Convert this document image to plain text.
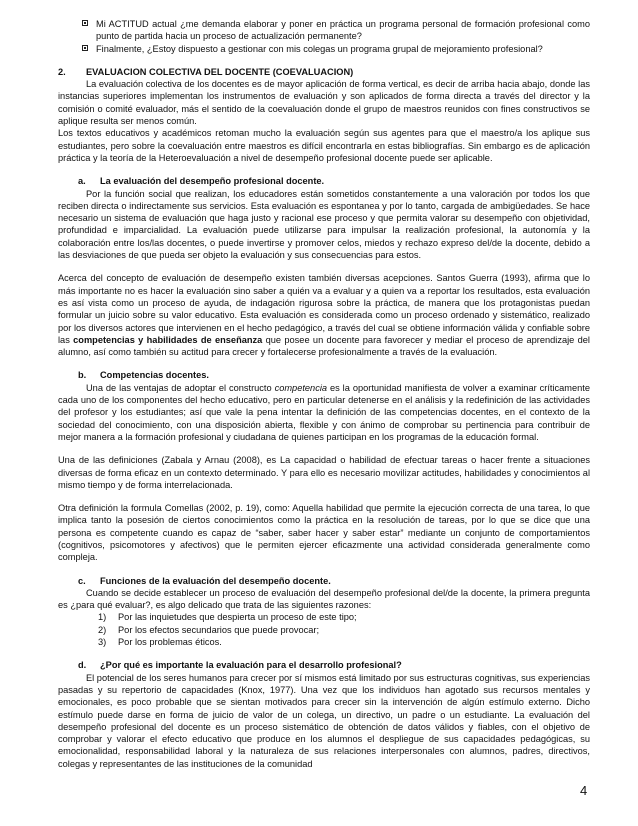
Mi ACTITUD actual ¿me demanda elaborar y poner en práctica un programa personal de formación profesional como punto de partida hacia un proceso de actualización permanente?

Finalmente, ¿Estoy dispuesto a gestionar con mis colegas un programa grupal de mejoramiento profesional?

2. EVALUACION COLECTIVA DEL DOCENTE (COEVALUACION)

La evaluación colectiva de los docentes es de mayor aplicación de forma vertical, es decir de arriba hacia abajo, donde las instancias superiores implementan los instrumentos de evaluación y son aplicados de forma directa a través del director y la comisión o comité evaluador, más el sentido de la coevaluación donde el grupo de maestros reunidos con fines constructivos se aplique resulta ser menos común.

Los textos educativos y académicos retoman mucho la evaluación según sus agentes para que el maestro/a los aplique sus estudiantes, pero sobre la coevaluación entre maestros es difícil encontrarla en estas bibliografías. Sin embargo es de aplicación práctica y la teoría de la Heteroevaluación a nivel de desempeño profesional docente puede ser aplicable.

a. La evaluación del desempeño profesional docente.

Por la función social que realizan, los educadores están sometidos constantemente a una valoración por todos los que reciben directa o indirectamente sus servicios. Esta evaluación es espontanea y por lo tanto, cargada de ambigüedades. Se hace necesario un sistema de evaluación que haga justo y racional ese proceso y que permita valorar su desempeño con objetividad, profundidad e imparcialidad. La evaluación puede utilizarse para impulsar la realización profesional, la autonomía y la colaboración entre los/las docentes, o puede invertirse y promover celos, miedos y rechazo expreso del/de la docente, debido a las desviaciones de que pueda ser objeto la evaluación y sus consecuencias para estos.

Acerca del concepto de evaluación de desempeño existen también diversas acepciones. Santos Guerra (1993), afirma que lo más importante no es hacer la evaluación sino saber a quién va a evaluar y a quien va a reportar los resultados, esta evaluación es así vista como un proceso de ayuda, de indagación rigurosa sobre la práctica, de manera que los protagonistas puedan formular un juicio sobre su valor educativo. Esta evaluación es considerada como un proceso ordenado y sistemático, realizado por los diversos actores que intervienen en el hecho pedagógico, a través del cual se obtiene información válida y confiable sobre las competencias y habilidades de enseñanza que posee un docente para favorecer y mediar el proceso de aprendizaje del alumno, así como también su actitud para crecer y fortalecerse profesionalmente a través de la evaluación.

b. Competencias docentes.

Una de las ventajas de adoptar el constructo competencia es la oportunidad manifiesta de volver a examinar críticamente cada uno de los componentes del hecho educativo, pero en particular detenerse en el análisis y la redefinición de las actividades del profesor y los estudiantes; así que vale la pena intentar la definición de las competencias docentes, en el contexto de la sociedad del conocimiento, con una disposición abierta, flexible y con ánimo de comprobar su pertinencia para contribuir de mejor manera a la formación profesional y ciudadana de quienes participan en los programas de la educación formal.

Una de las definiciones (Zabala y Arnau (2008), es La capacidad o habilidad de efectuar tareas o hacer frente a situaciones diversas de forma eficaz en un contexto determinado. Y para ello es necesario movilizar actitudes, habilidades y conocimientos al mismo tiempo y de forma interrelacionada.

Otra definición la formula Comellas (2002, p. 19), como: Aquella habilidad que permite la ejecución correcta de una tarea, lo que implica tanto la posesión de ciertos conocimientos como la práctica en la resolución de tareas, por lo que se dice que una persona es competente cuando es capaz de “saber, saber hacer y saber estar” mediante un conjunto de comportamientos (cognitivos, psicomotores y afectivos) que le permiten ejercer eficazmente una actividad considerada generalmente como compleja.

c. Funciones de la evaluación del desempeño docente.

Cuando se decide establecer un proceso de evaluación del desempeño profesional del/de la docente, la primera pregunta es ¿para qué evaluar?, es algo delicado que trata de las siguientes razones:

1) Por las inquietudes que despierta un proceso de este tipo;

2) Por los efectos secundarios que puede provocar;

3) Por los problemas éticos.

d. ¿Por qué es importante la evaluación para el desarrollo profesional?

El potencial de los seres humanos para crecer por sí mismos está limitado por sus estructuras cognitivas, sus experiencias pasadas y su repertorio de capacidades (Knox, 1977). Una vez que los individuos han agotado sus recursos mentales y emocionales, es poco probable que se sientan motivados para crecer sin la intervención de algún estímulo externo. Dicho estímulo puede darse en forma de juicio de valor de un colega, un directivo, un padre o un estudiante. La evaluación del desempeño profesional del docente es un proceso sistemático de obtención de datos válidos y fiables, con el objetivo de comprobar y valorar el efecto educativo que produce en los alumnos el despliegue de sus capacidades pedagógicas, su emocionalidad, responsabilidad laboral y la naturaleza de sus relaciones interpersonales con alumnos, padres, directivos, colegas y representantes de las instituciones de la comunidad

4
